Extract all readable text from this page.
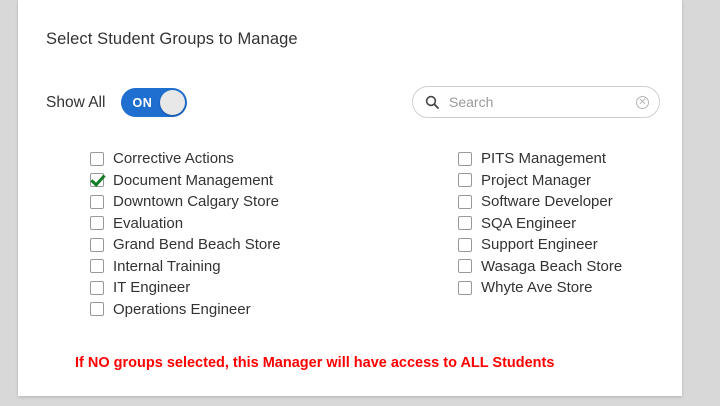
Select Student Groups to Manage
Show All ON
Search	✕
Corrective Actions
Document Management
Downtown Calgary Store
Evaluation
Grand Bend Beach Store
Internal Training
IT Engineer
Operations Engineer
PITS Management
Project Manager
Software Developer
SQA Engineer
Support Engineer
Wasaga Beach Store
Whyte Ave Store
If NO groups selected, this Manager will have access to ALL Students
